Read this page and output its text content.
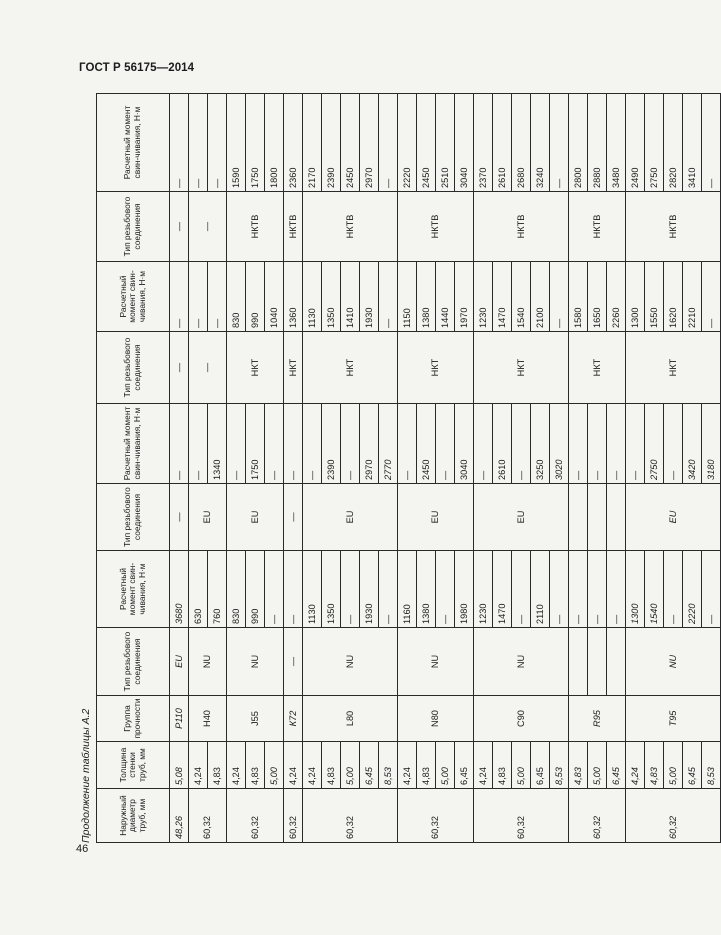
ГОСТ Р 56175—2014
46
Продолжение таблицы А.2	Наружный диаметр труб, мм	Толщина стенки труб, мм	Группа прочности	Тип резьбового соединения	Расчетный момент свин-чивания, Н·м	Тип резьбового соединения	Расчетный момент свин-чивания, Н·м	Тип резьбового соединения	Расчетный момент свин-чивания, Н·м	Тип резьбового соединения	Расчетный момент свин-чивания, Н·м
48,26	5,08	Р110	EU	3680	—	—	—	—	—	—
60,32	4,24	Н40	NU	630	EU	—	—	—	—	—
	4,83			760		1340		—		—
60,32	4,24	J55	NU	830	EU	—	НКТ	830	НКТВ	1590
	4,83			990		1750		990		1750
	5,00			—		—		1040		1800
60,32	4,24	К72	—	—	—	—	НКТ	1360	НКТВ	2360
60,32	4,24	L80	NU	1130	EU	—	НКТ	1130	НКТВ	2170
	4,83			1350		2390		1350		2390
	5,00			—		—		1410		2450
	6,45			1930		2970		1930		2970
	8,53			—		2770		—		—
60,32	4,24	N80	NU	1160	EU	—	НКТ	1150	НКТВ	2220
	4,83			1380		2450		1380		2450
	5,00			—		—		1440		2510
	6,45			1980		3040		1970		3040
60,32	4,24	С90	NU	1230	EU	—	НКТ	1230	НКТВ	2370
	4,83			1470		2610		1470		2610
	5,00			—		—		1540		2680
	6,45			2110		3250		2100		3240
	8,53			—		3020		—		—
60,32	4,83	R95		—		—	НКТ	1580	НКТВ	2800
	5,00			—		—		1650		2880
	6,45			—		—		2260		3480
60,32	4,24	Т95	NU	1300	EU	—	НКТ	1300	НКТВ	2490
	4,83			1540		2750		1550		2750
	5,00			—		—		1620		2820
	6,45			2220		3420		2210		3410
	8,53			—		3180		—		—
